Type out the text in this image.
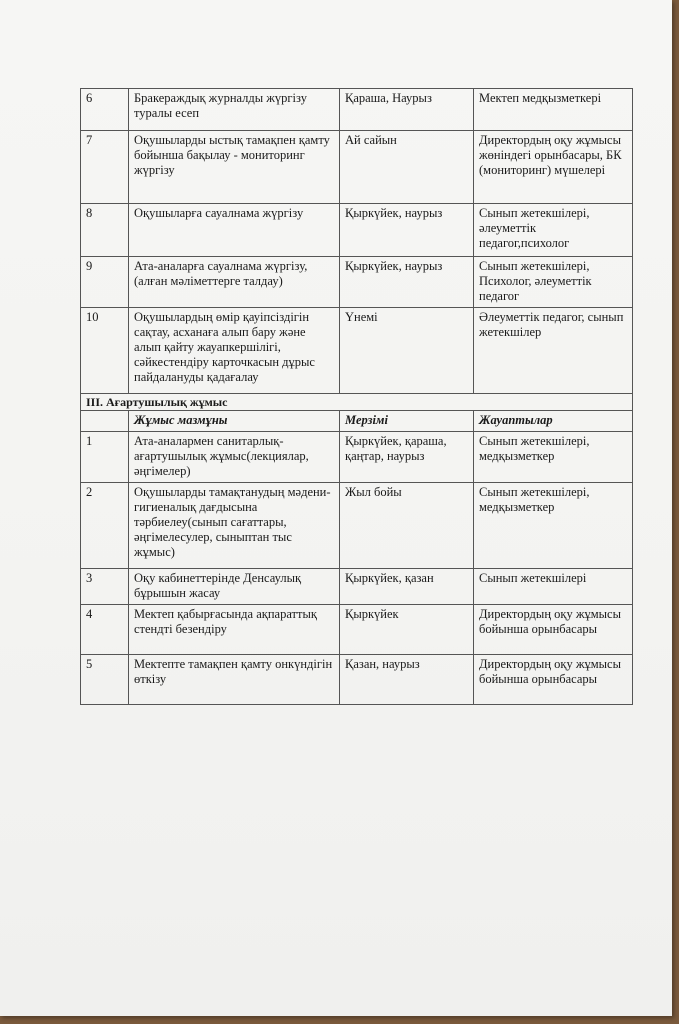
6	Бракераждық журналды жүргізу туралы есеп	Қараша, Наурыз	Мектеп медқызметкері
7	Оқушыларды ыстық тамақпен қамту бойынша бақылау - мониторинг жүргізу	Ай сайын	Директордың оқу жұмысы жөніндегі орынбасары, БК (мониторинг) мүшелері
8	Оқушыларға сауалнама жүргізу	Қыркүйек, наурыз	Сынып жетекшілері, әлеуметтік педагог,психолог
9	Ата-аналарға сауалнама жүргізу, (алған мәліметтерге талдау)	Қыркүйек, наурыз	Сынып жетекшілері, Психолог, әлеуметтік педагог
10	Оқушылардың өмір қауіпсіздігін сақтау, асханаға алып бару және алып қайту жауапкершілігі, сәйкестендіру карточкасын дұрыс пайдалануды қадағалау	Үнемі	Әлеуметтік педагог, сынып жетекшілер
ІІІ. Ағартушылық жұмыс			
	Жұмыс мазмұны	Мерзімі	Жауаптылар
1	Ата-аналармен санитарлық-ағартушылық жұмыс(лекциялар, әңгімелер)	Қыркүйек, қараша, қаңтар, наурыз	Сынып жетекшілері, медқызметкер
2	Оқушыларды тамақтанудың мәдени-гигиеналық дағдысына тәрбиелеу(сынып сағаттары, әңгімелесулер, сыныптан тыс жұмыс)	Жыл бойы	Сынып жетекшілері, медқызметкер
3	Оқу кабинеттерінде Денсаулық бұрышын жасау	Қыркүйек, қазан	Сынып жетекшілері
4	Мектеп қабырғасында ақпараттық стендті безендіру	Қыркүйек	Директордың оқу жұмысы бойынша орынбасары
5	Мектепте тамақпен қамту онкүндігін өткізу	Қазан, наурыз	Директордың оқу жұмысы бойынша орынбасары
